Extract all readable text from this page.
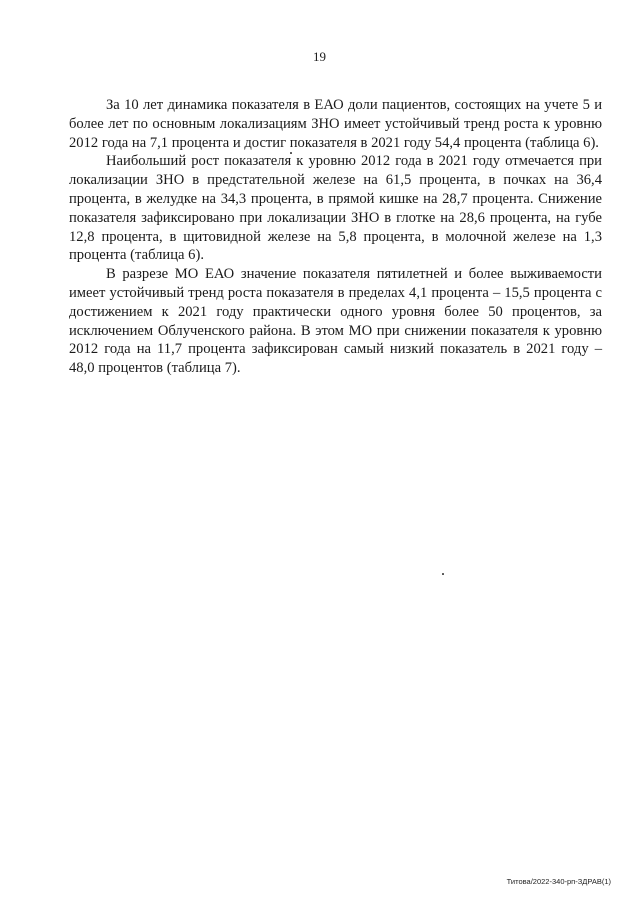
19

За 10 лет динамика показателя в ЕАО доли пациентов, состоящих на учете 5 и более лет по основным локализациям ЗНО имеет устойчивый тренд роста к уровню 2012 года на 7,1 процента и достиг показателя в 2021 году 54,4 процента (таблица 6).

Наибольший рост показателя к уровню 2012 года в 2021 году отмечается при локализации ЗНО в предстательной железе на 61,5 процента, в почках на 36,4 процента, в желудке на 34,3 процента, в прямой кишке на 28,7 процента. Снижение показателя зафиксировано при локализации ЗНО в глотке на 28,6 процента, на губе 12,8 процента, в щитовидной железе на 5,8 процента, в молочной железе на 1,3 процента (таблица 6).

В разрезе МО ЕАО значение показателя пятилетней и более выживаемости имеет устойчивый тренд роста показателя в пределах 4,1 процента – 15,5 процента с достижением к 2021 году практически одного уровня более 50 процентов, за исключением Облученского района. В этом МО при снижении показателя к уровню 2012 года на 11,7 процента зафиксирован самый низкий показатель в 2021 году – 48,0 процентов (таблица 7).

Титова/2022-340-рп-ЗДРАВ(1)
